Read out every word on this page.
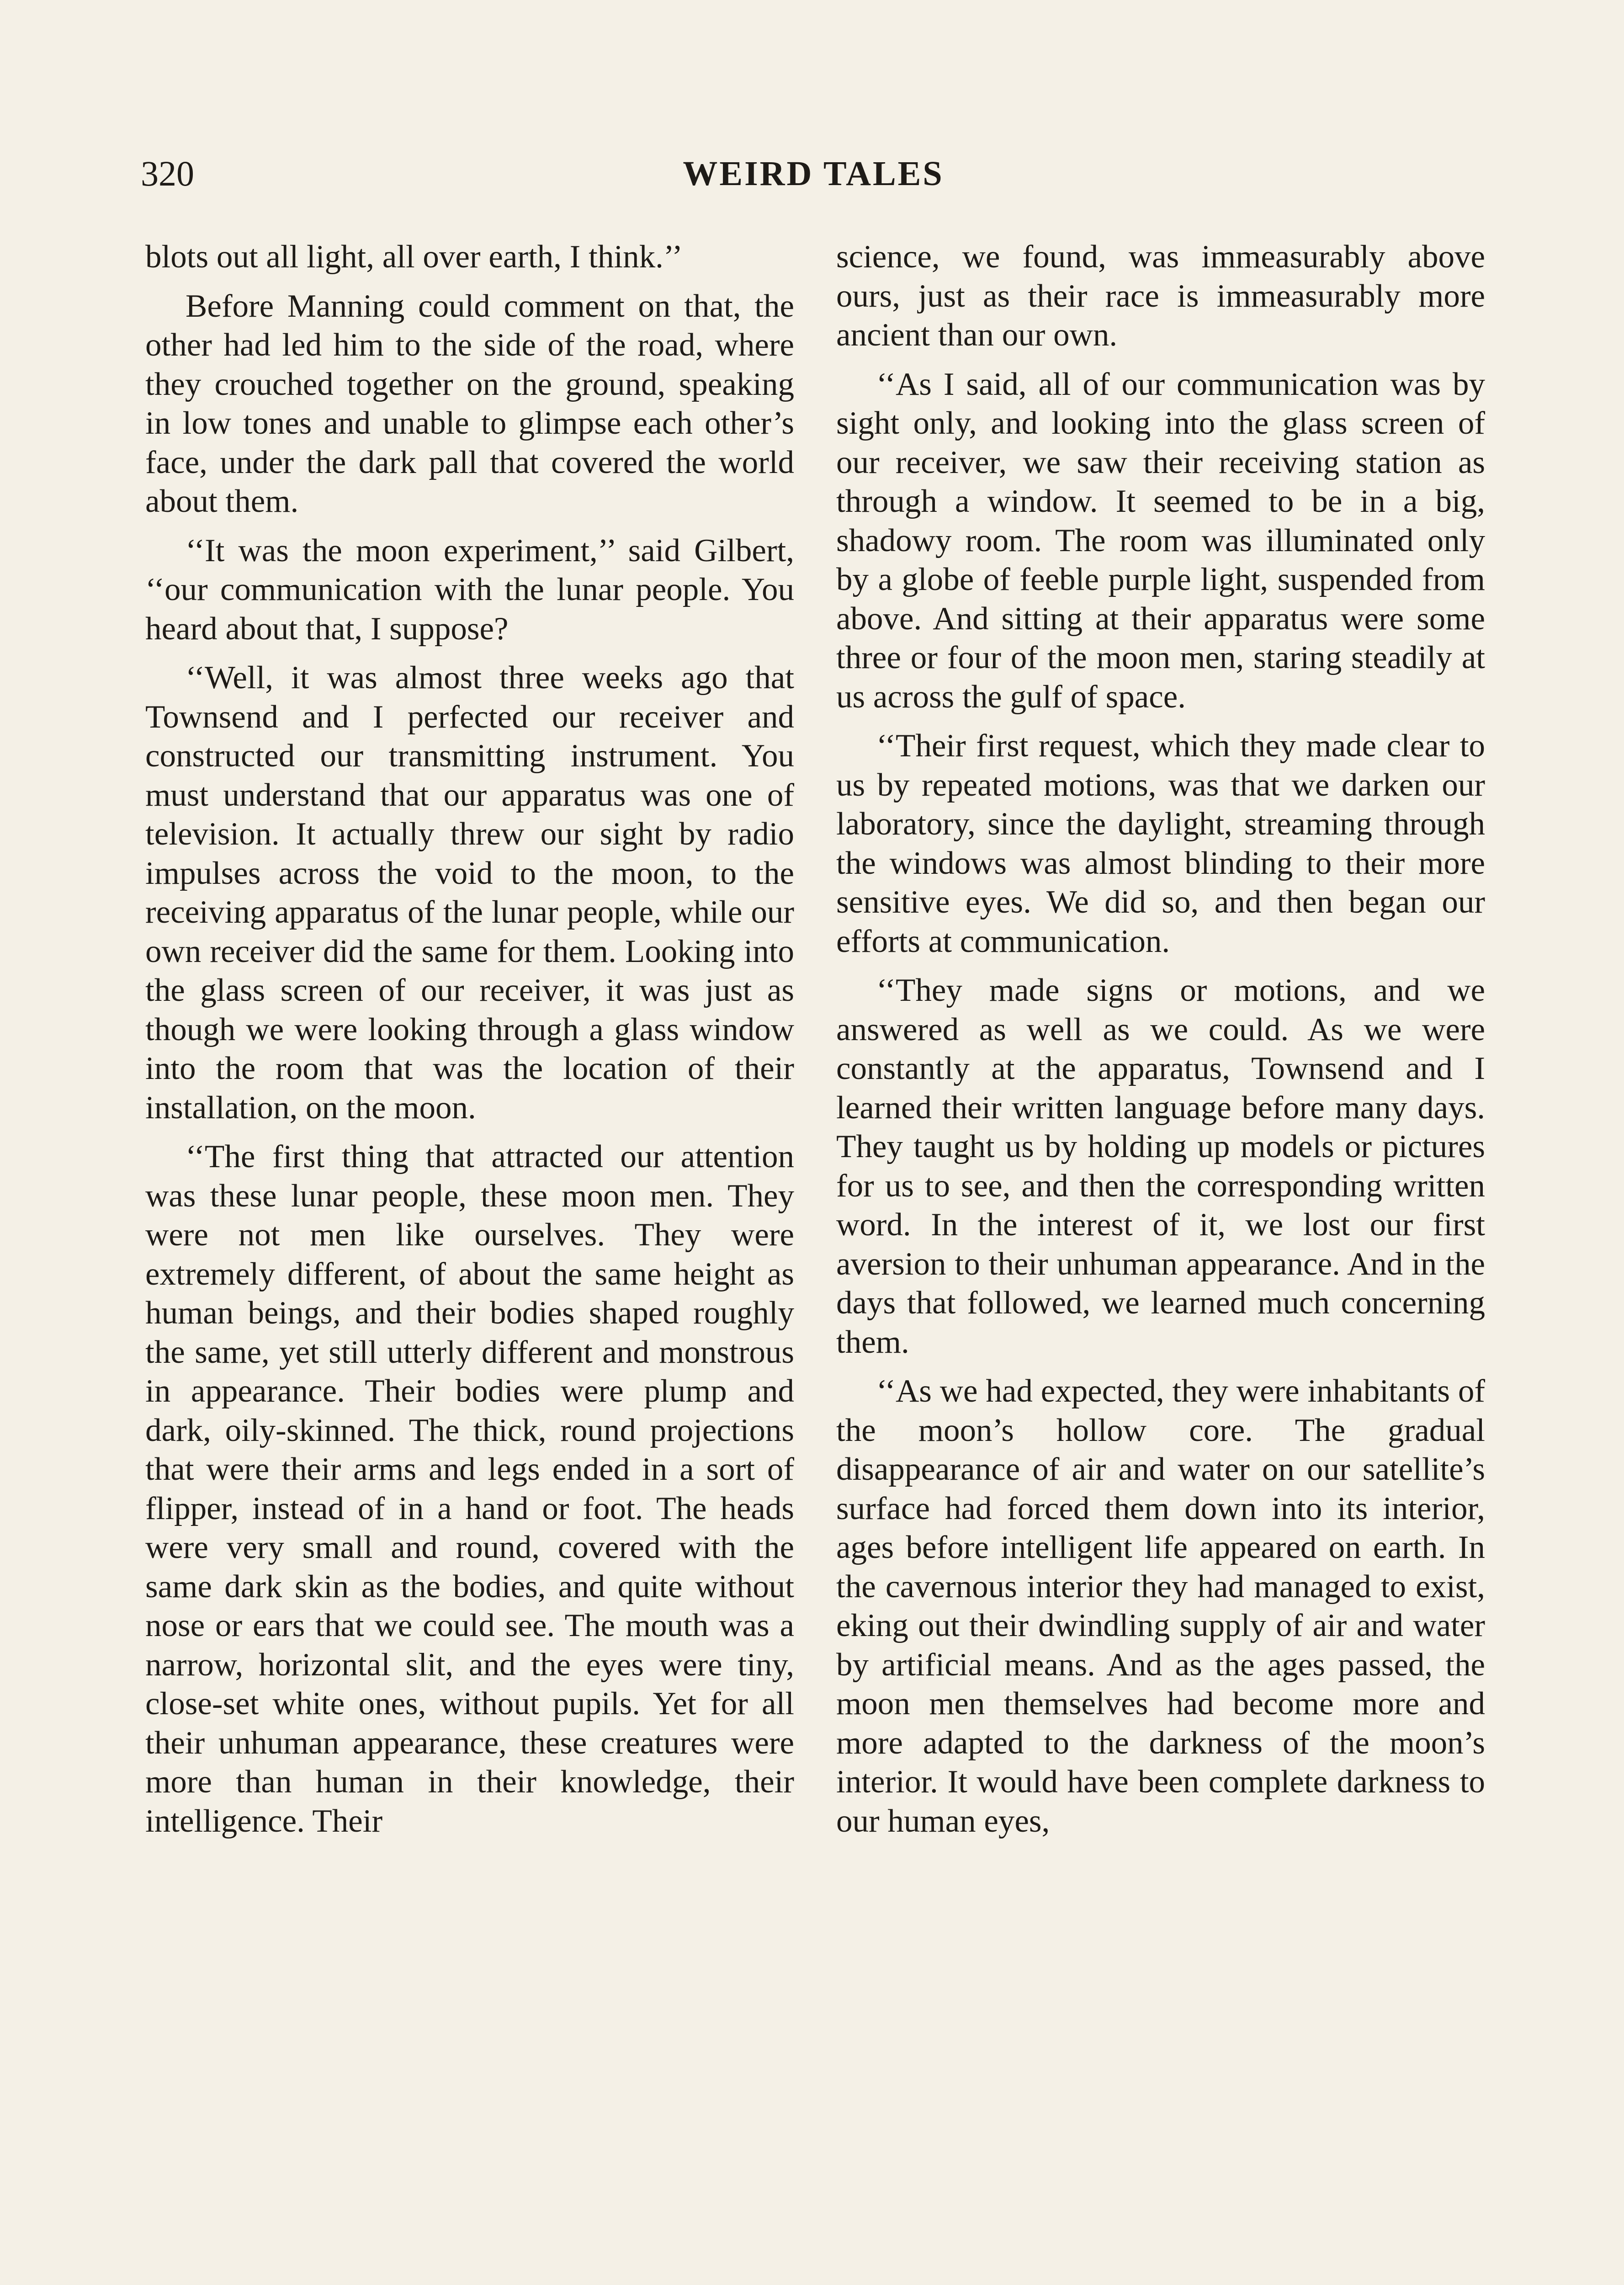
320	WEIRD TALES

blots out all light, all over earth, I think.’’

Before Manning could comment on that, the other had led him to the side of the road, where they crouched together on the ground, speaking in low tones and unable to glimpse each other’s face, under the dark pall that covered the world about them.

‘‘It was the moon experiment,’’ said Gilbert, ‘‘our communication with the lunar people. You heard about that, I suppose?

‘‘Well, it was almost three weeks ago that Townsend and I perfected our receiver and constructed our transmitting instrument. You must understand that our apparatus was one of television. It actually threw our sight by radio impulses across the void to the moon, to the receiving apparatus of the lunar people, while our own receiver did the same for them. Looking into the glass screen of our receiver, it was just as though we were looking through a glass window into the room that was the location of their installation, on the moon.

‘‘The first thing that attracted our attention was these lunar people, these moon men. They were not men like ourselves. They were extremely different, of about the same height as human beings, and their bodies shaped roughly the same, yet still utterly different and monstrous in appearance. Their bodies were plump and dark, oily-skinned. The thick, round projections that were their arms and legs ended in a sort of flipper, instead of in a hand or foot. The heads were very small and round, covered with the same dark skin as the bodies, and quite without nose or ears that we could see. The mouth was a narrow, horizontal slit, and the eyes were tiny, close-set white ones, without pupils. Yet for all their unhuman appearance, these creatures were more than human in their knowledge, their intelligence. Their

science, we found, was immeasurably above ours, just as their race is immeasurably more ancient than our own.

‘‘As I said, all of our communication was by sight only, and looking into the glass screen of our receiver, we saw their receiving station as through a window. It seemed to be in a big, shadowy room. The room was illuminated only by a globe of feeble purple light, suspended from above. And sitting at their apparatus were some three or four of the moon men, staring steadily at us across the gulf of space.

‘‘Their first request, which they made clear to us by repeated motions, was that we darken our laboratory, since the daylight, streaming through the windows was almost blinding to their more sensitive eyes. We did so, and then began our efforts at communication.

‘‘They made signs or motions, and we answered as well as we could. As we were constantly at the apparatus, Townsend and I learned their written language before many days. They taught us by holding up models or pictures for us to see, and then the corresponding written word. In the interest of it, we lost our first aversion to their unhuman appearance. And in the days that followed, we learned much concerning them.

‘‘As we had expected, they were inhabitants of the moon’s hollow core. The gradual disappearance of air and water on our satellite’s surface had forced them down into its interior, ages before intelligent life appeared on earth. In the cavernous interior they had managed to exist, eking out their dwindling supply of air and water by artificial means. And as the ages passed, the moon men themselves had become more and more adapted to the darkness of the moon’s interior. It would have been complete darkness to our human eyes,
